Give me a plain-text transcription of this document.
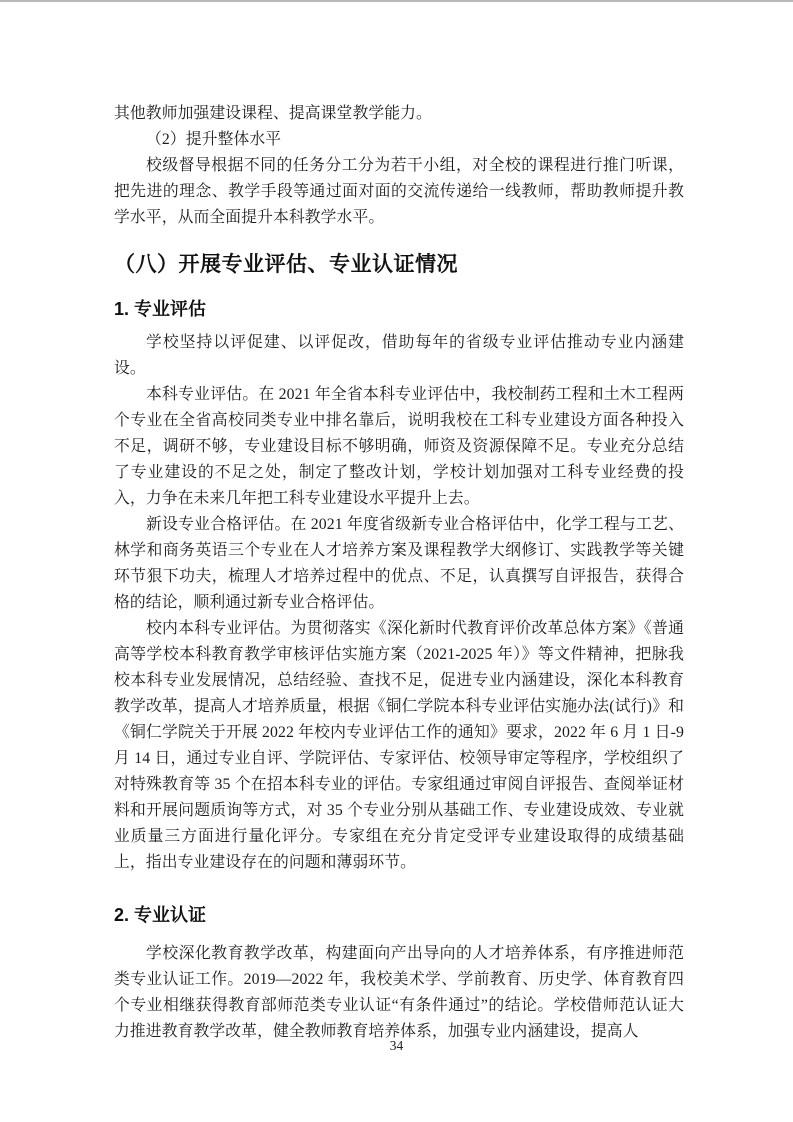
其他教师加强建设课程、提高课堂教学能力。

（2）提升整体水平

校级督导根据不同的任务分工分为若干小组，对全校的课程进行推门听课，把先进的理念、教学手段等通过面对面的交流传递给一线教师，帮助教师提升教学水平，从而全面提升本科教学水平。

（八）开展专业评估、专业认证情况
1. 专业评估

学校坚持以评促建、以评促改，借助每年的省级专业评估推动专业内涵建设。

本科专业评估。在 2021 年全省本科专业评估中，我校制药工程和土木工程两个专业在全省高校同类专业中排名靠后，说明我校在工科专业建设方面各种投入不足，调研不够，专业建设目标不够明确，师资及资源保障不足。专业充分总结了专业建设的不足之处，制定了整改计划，学校计划加强对工科专业经费的投入，力争在未来几年把工科专业建设水平提升上去。

新设专业合格评估。在 2021 年度省级新专业合格评估中，化学工程与工艺、林学和商务英语三个专业在人才培养方案及课程教学大纲修订、实践教学等关键环节狠下功夫，梳理人才培养过程中的优点、不足，认真撰写自评报告，获得合格的结论，顺利通过新专业合格评估。

校内本科专业评估。为贯彻落实《深化新时代教育评价改革总体方案》《普通高等学校本科教育教学审核评估实施方案（2021-2025 年）》等文件精神，把脉我校本科专业发展情况，总结经验、查找不足，促进专业内涵建设，深化本科教育教学改革，提高人才培养质量，根据《铜仁学院本科专业评估实施办法(试行)》和《铜仁学院关于开展 2022 年校内专业评估工作的通知》要求，2022 年 6 月 1 日-9 月 14 日，通过专业自评、学院评估、专家评估、校领导审定等程序，学校组织了对特殊教育等 35 个在招本科专业的评估。专家组通过审阅自评报告、查阅举证材料和开展问题质询等方式，对 35 个专业分别从基础工作、专业建设成效、专业就业质量三方面进行量化评分。专家组在充分肯定受评专业建设取得的成绩基础上，指出专业建设存在的问题和薄弱环节。

2. 专业认证

学校深化教育教学改革，构建面向产出导向的人才培养体系，有序推进师范类专业认证工作。2019—2022 年，我校美术学、学前教育、历史学、体育教育四个专业相继获得教育部师范类专业认证“有条件通过”的结论。学校借师范认证大力推进教育教学改革，健全教师教育培养体系，加强专业内涵建设，提高人

34
